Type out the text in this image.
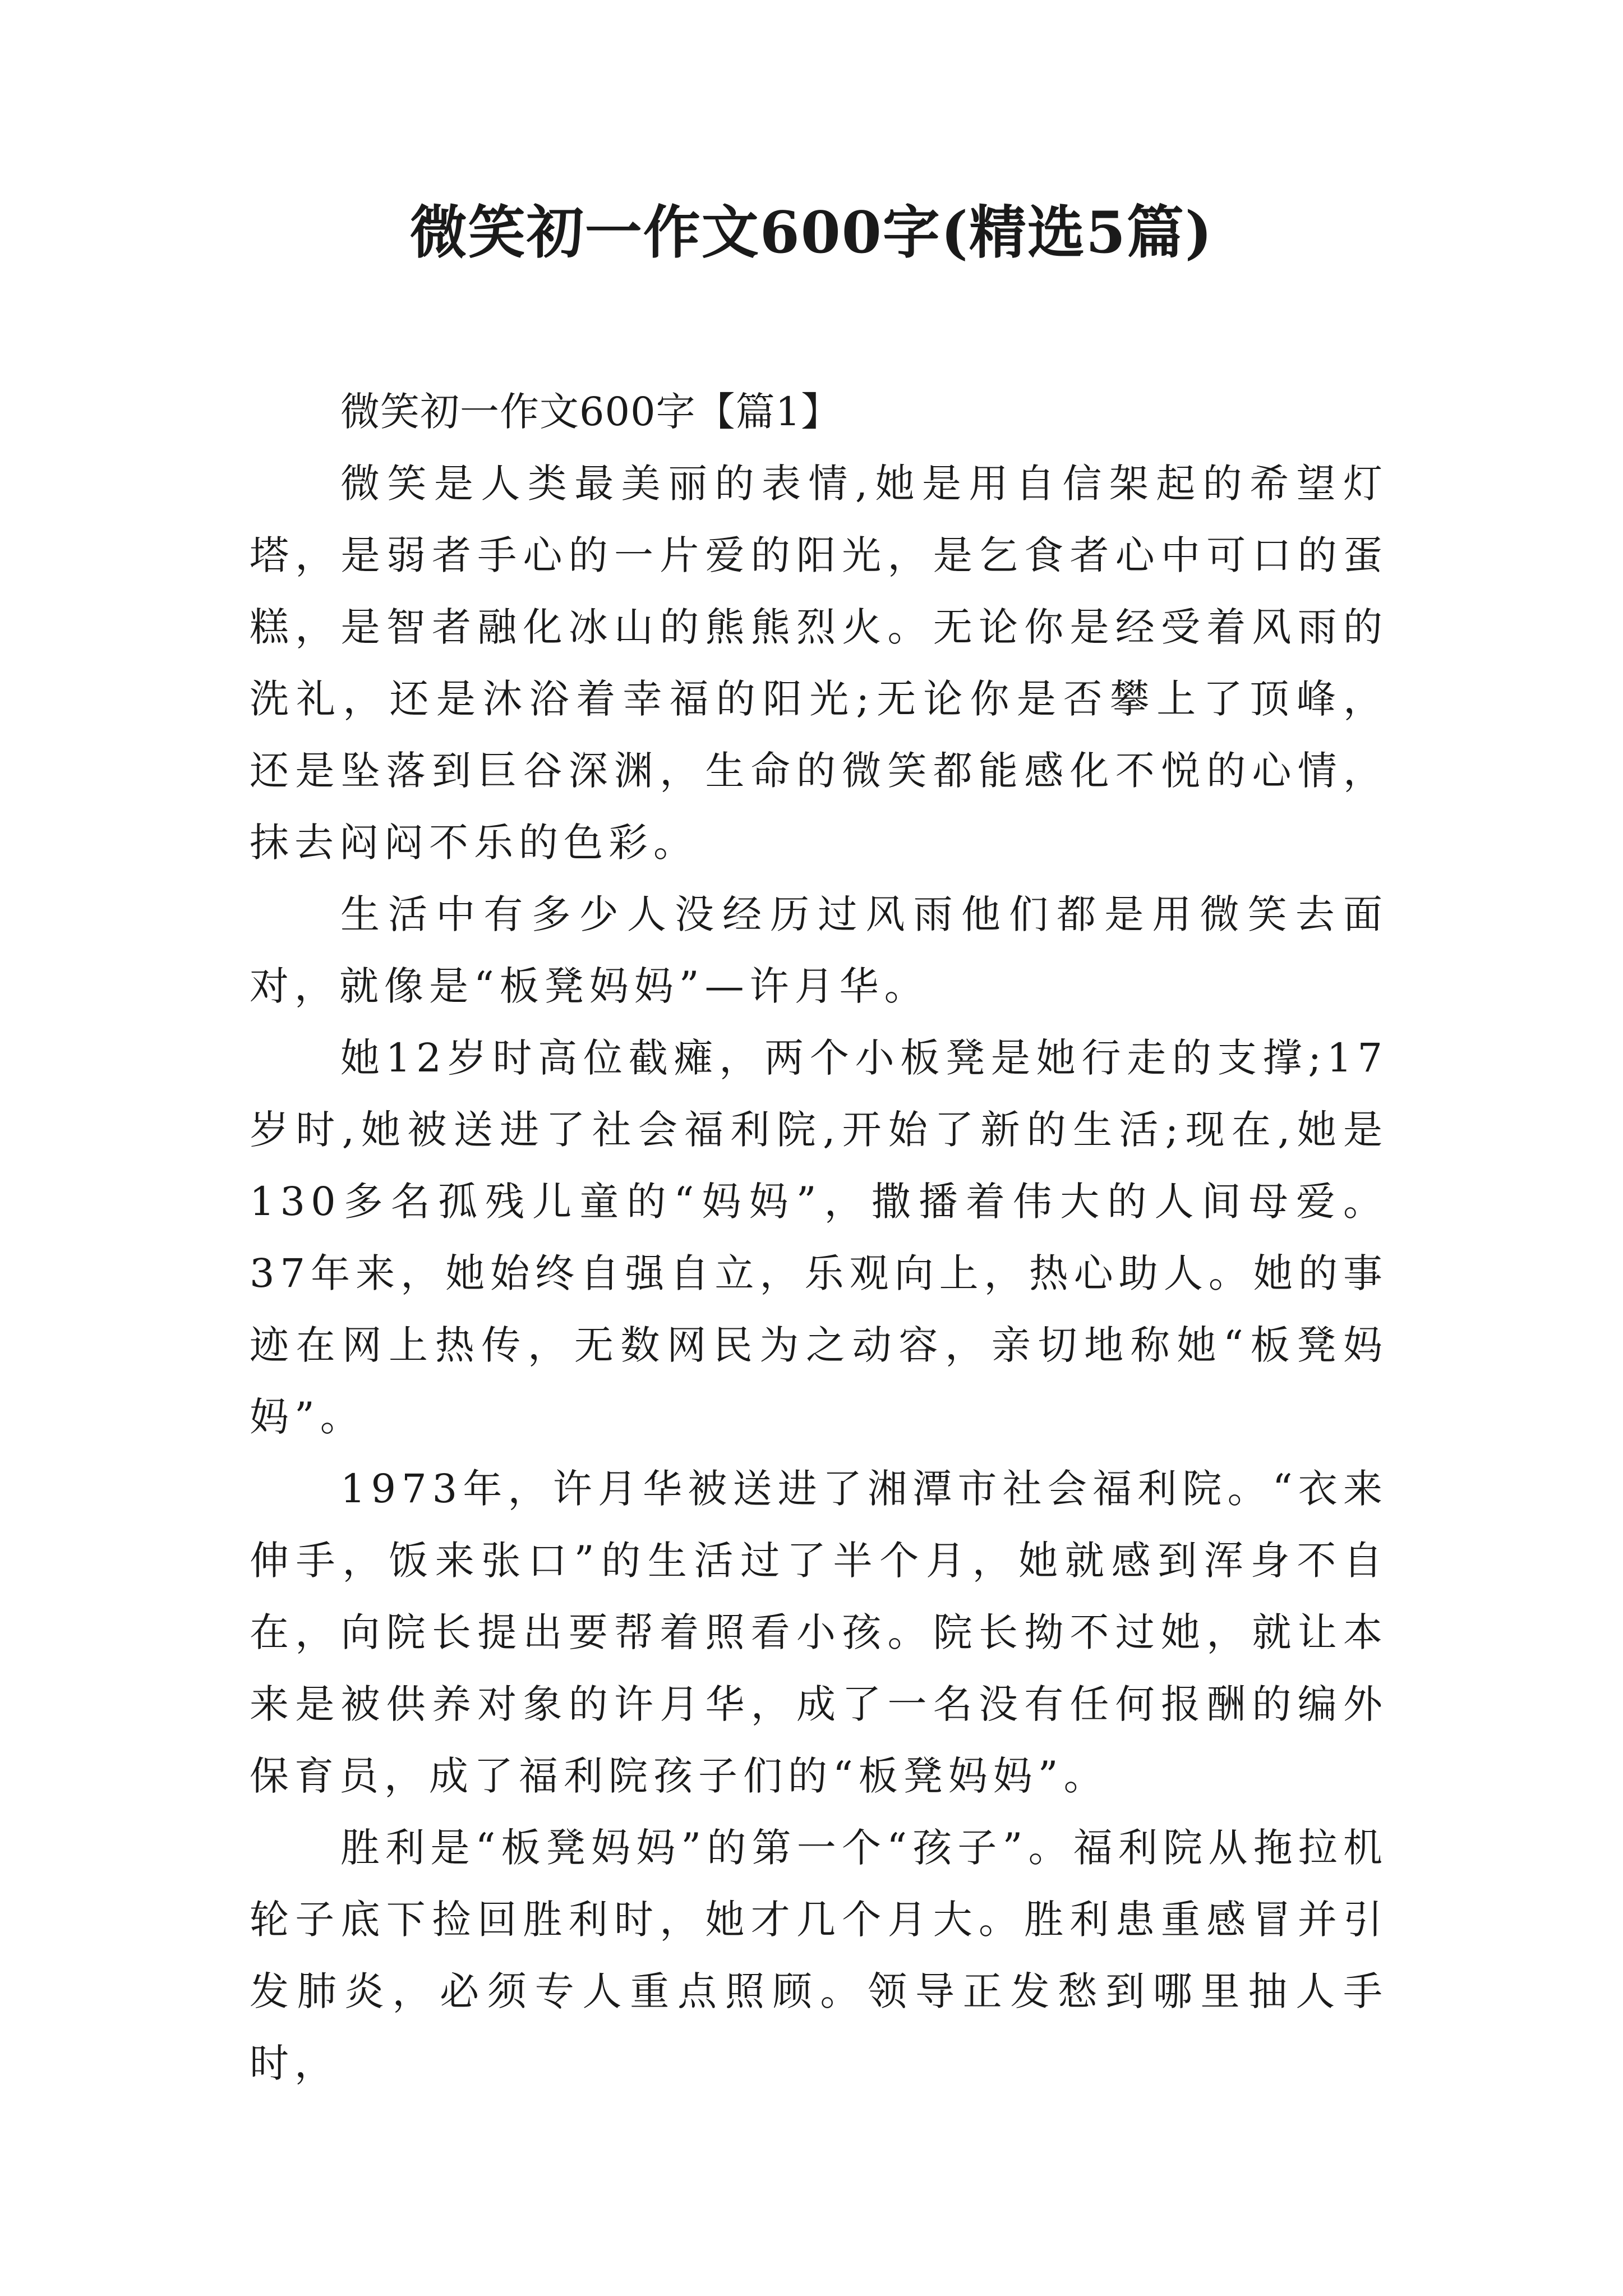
微笑初一作文600字(精选5篇)
微笑初一作文600字【篇1】

微笑是人类最美丽的表情,她是用自信架起的希望灯塔，是弱者手心的一片爱的阳光，是乞食者心中可口的蛋糕，是智者融化冰山的熊熊烈火。无论你是经受着风雨的洗礼，还是沐浴着幸福的阳光;无论你是否攀上了顶峰，还是坠落到巨谷深渊，生命的微笑都能感化不悦的心情，抹去闷闷不乐的色彩。

生活中有多少人没经历过风雨他们都是用微笑去面对，就像是“板凳妈妈”—许月华。

她12岁时高位截瘫，两个小板凳是她行走的支撑;17岁时,她被送进了社会福利院,开始了新的生活;现在,她是130多名孤残儿童的“妈妈”，撒播着伟大的人间母爱。37年来，她始终自强自立，乐观向上，热心助人。她的事迹在网上热传，无数网民为之动容，亲切地称她“板凳妈妈”。

1973年，许月华被送进了湘潭市社会福利院。“衣来伸手，饭来张口”的生活过了半个月，她就感到浑身不自在，向院长提出要帮着照看小孩。院长拗不过她，就让本来是被供养对象的许月华，成了一名没有任何报酬的编外保育员，成了福利院孩子们的“板凳妈妈”。

胜利是“板凳妈妈”的第一个“孩子”。福利院从拖拉机轮子底下捡回胜利时，她才几个月大。胜利患重感冒并引发肺炎，必须专人重点照顾。领导正发愁到哪里抽人手时，
